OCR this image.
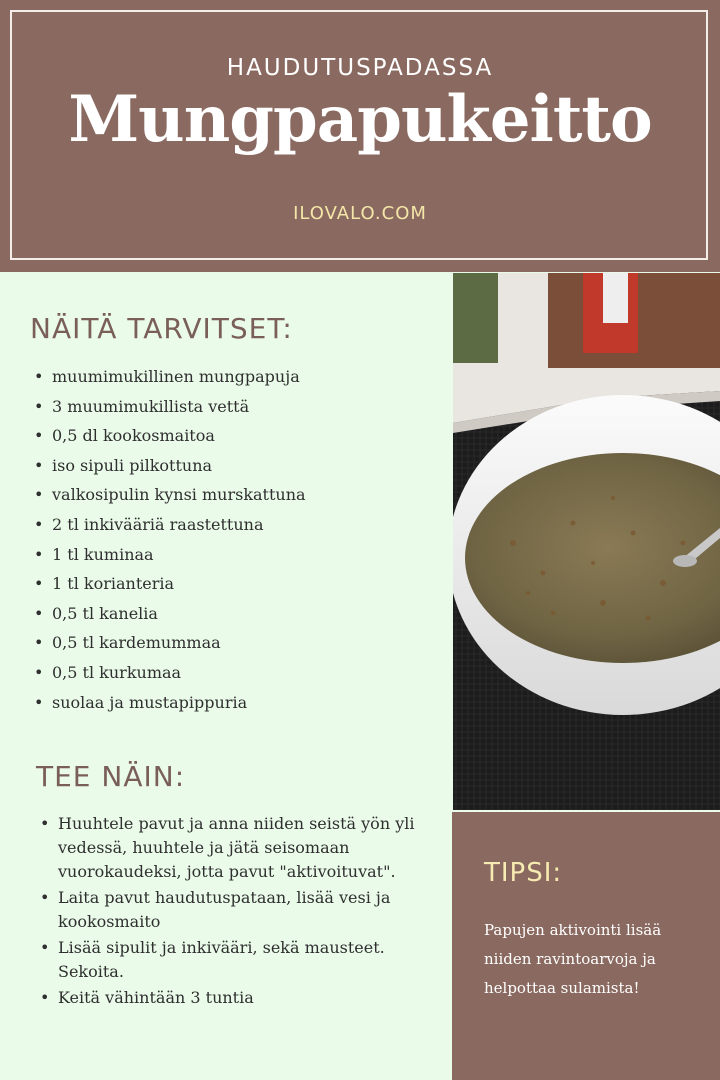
HAUDUTUSPADASSA
Mungpapukeitto
ILOVALO.COM
NÄITÄ TARVITSET:
• muumimukillinen mungpapuja
• 3 muumimukillista vettä
• 0,5 dl kookosmaitoa
• iso sipuli pilkottuna
• valkosipulin kynsi murskattuna
• 2 tl inkivääriä raastettuna
• 1 tl kuminaa
• 1 tl korianteria
• 0,5 tl kanelia
• 0,5 tl kardemummaa
• 0,5 tl kurkumaa
• suolaa ja mustapippuria
TEE NÄIN:
• Huuhtele pavut ja anna niiden seistä yön yli vedessä, huuhtele ja jätä seisomaan vuorokaudeksi, jotta pavut "aktivoituvat".
• Laita pavut haudutuspataan, lisää vesi ja kookosmaito
• Lisää sipulit ja inkivääri, sekä mausteet. Sekoita.
• Keitä vähintään 3 tuntia
TIPSI:
Papujen aktivointi lisää niiden ravintoarvoja ja helpottaa sulamista!
